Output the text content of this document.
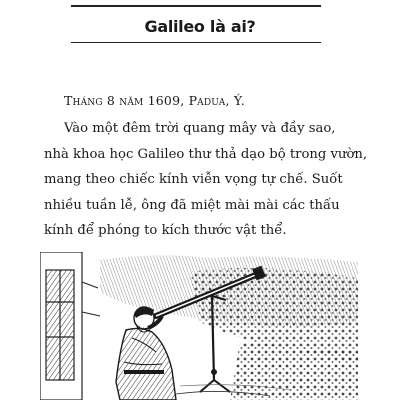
Galileo là ai?
Tháng 8 năm 1609, Padua, Ý.

Vào một đêm trời quang mây và đầy sao,
nhà khoa học Galileo thư thả dạo bộ trong vườn,
mang theo chiếc kính viễn vọng tự chế. Suốt
nhiều tuần lễ, ông đã miệt mài mài các thấu
kính để phóng to kích thước vật thể.
